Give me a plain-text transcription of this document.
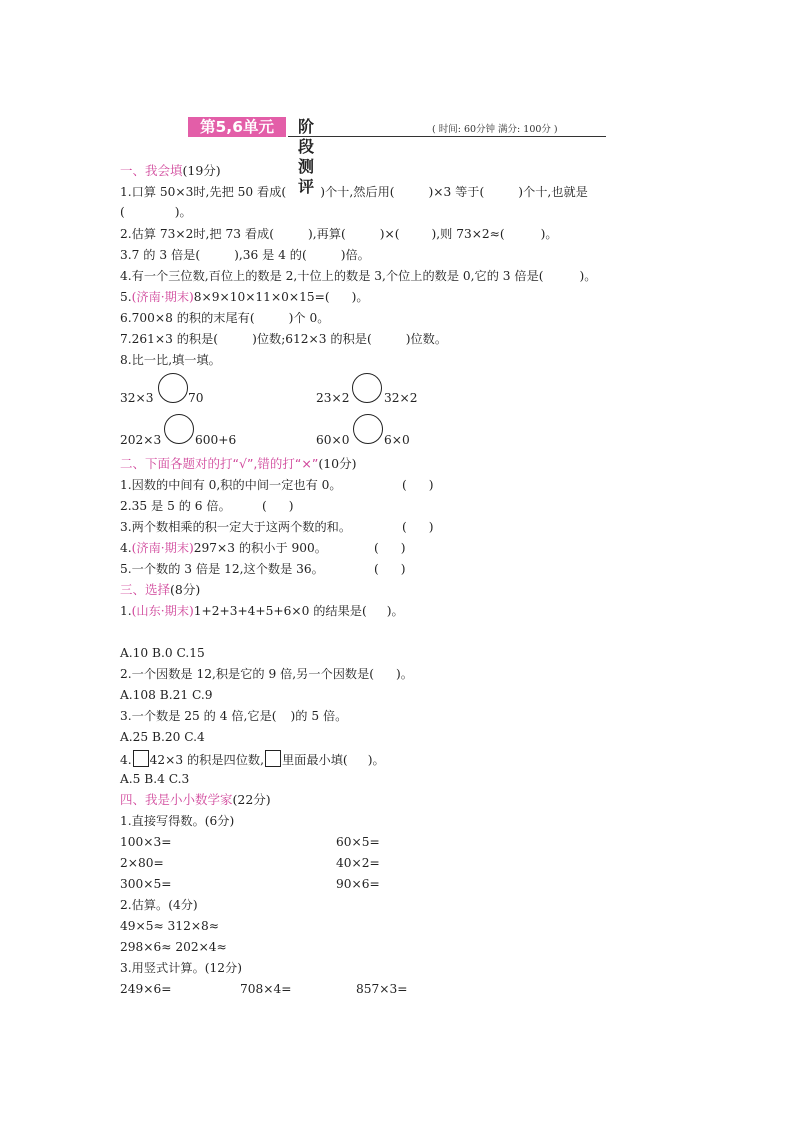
第5,6单元	阶段测评
( 时间: 60分钟 满分: 100分 )
一、我会填(19分)
1.口算 50×3时,先把 50 看成(	)个十,然后用(	)×3 等于(	)个十,也就是
(	)。
2.估算 73×2时,把 73 看成(	),再算(	)×(	),则 73×2≈(	)。
3.7 的 3 倍是(	),36 是 4 的(	)倍。
4.有一个三位数,百位上的数是 2,十位上的数是 3,个位上的数是 0,它的 3 倍是(	)。
5.(济南·期末)8×9×10×11×0×15=( )。
6.700×8 的积的末尾有(	)个 0。
7.261×3 的积是(	)位数;612×3 的积是(	)位数。
8.比一比,填一填。
32×3	70	23×2	32×2
202×3	600+6	60×0	6×0
二、下面各题对的打“√”,错的打“×”(10分)
1.因数的中间有 0,积的中间一定也有 0。	( )
2.35 是 5 的 6 倍。	( )
3.两个数相乘的积一定大于这两个数的和。	( )
4.(济南·期末)297×3 的积小于 900。	( )
5.一个数的 3 倍是 12,这个数是 36。	( )
三、选择(8分)
1.(山东·期末)1+2+3+4+5+6×0 的结果是( )。
A.10 B.0 C.15
2.一个因数是 12,积是它的 9 倍,另一个因数是( )。
A.108 B.21 C.9
3.一个数是 25 的 4 倍,它是( )的 5 倍。
A.25 B.20 C.4
4. 42×3 的积是四位数, 里面最小填( )。
A.5 B.4 C.3
四、我是小小数学家(22分)
1.直接写得数。(6分)
100×3=	60×5=
2×80=	40×2=
300×5=	90×6=
2.估算。(4分)
49×5≈ 312×8≈
298×6≈ 202×4≈
3.用竖式计算。(12分)
249×6=	708×4=	857×3=
